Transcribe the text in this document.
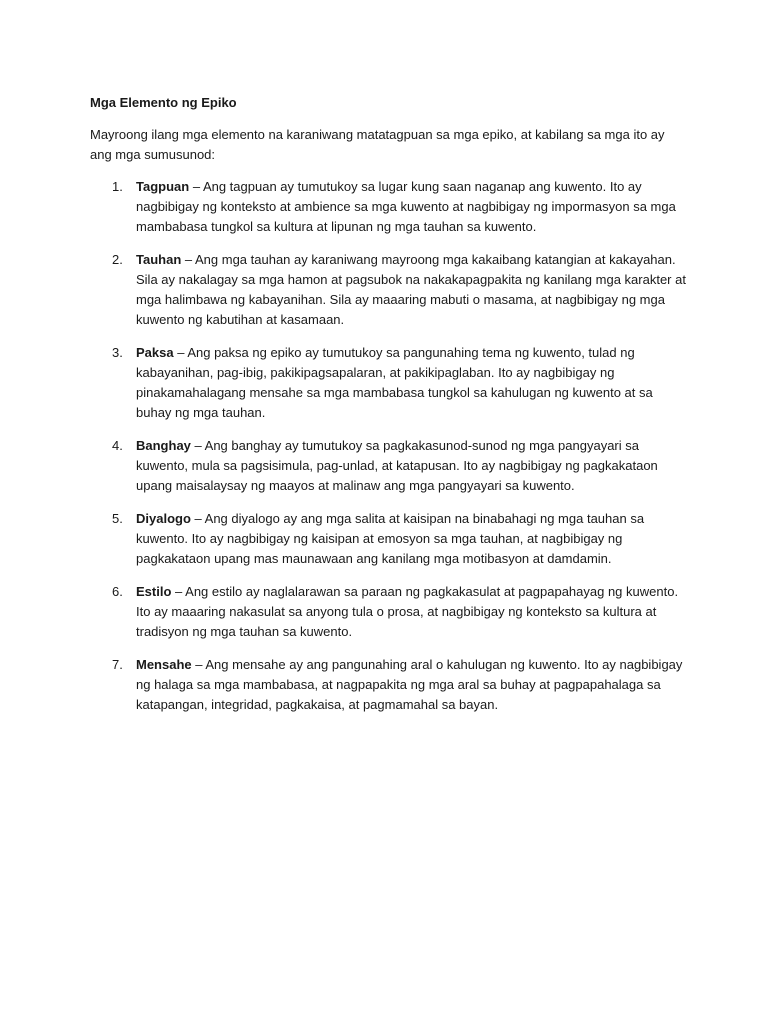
Mga Elemento ng Epiko
Mayroong ilang mga elemento na karaniwang matatagpuan sa mga epiko, at kabilang sa mga ito ay ang mga sumusunod:
1. Tagpuan – Ang tagpuan ay tumutukoy sa lugar kung saan naganap ang kuwento. Ito ay nagbibigay ng konteksto at ambience sa mga kuwento at nagbibigay ng impormasyon sa mga mambabasa tungkol sa kultura at lipunan ng mga tauhan sa kuwento.
2. Tauhan – Ang mga tauhan ay karaniwang mayroong mga kakaibang katangian at kakayahan. Sila ay nakalagay sa mga hamon at pagsubok na nakakapagpakita ng kanilang mga karakter at mga halimbawa ng kabayanihan. Sila ay maaaring mabuti o masama, at nagbibigay ng mga kuwento ng kabutihan at kasamaan.
3. Paksa – Ang paksa ng epiko ay tumutukoy sa pangunahing tema ng kuwento, tulad ng kabayanihan, pag-ibig, pakikipagsapalaran, at pakikipaglaban. Ito ay nagbibigay ng pinakamahalagang mensahe sa mga mambabasa tungkol sa kahulugan ng kuwento at sa buhay ng mga tauhan.
4. Banghay – Ang banghay ay tumutukoy sa pagkakasunod-sunod ng mga pangyayari sa kuwento, mula sa pagsisimula, pag-unlad, at katapusan. Ito ay nagbibigay ng pagkakataon upang maisalaysay ng maayos at malinaw ang mga pangyayari sa kuwento.
5. Diyalogo – Ang diyalogo ay ang mga salita at kaisipan na binabahagi ng mga tauhan sa kuwento. Ito ay nagbibigay ng kaisipan at emosyon sa mga tauhan, at nagbibigay ng pagkakataon upang mas maunawaan ang kanilang mga motibasyon at damdamin.
6. Estilo – Ang estilo ay naglalarawan sa paraan ng pagkakasulat at pagpapahayag ng kuwento. Ito ay maaaring nakasulat sa anyong tula o prosa, at nagbibigay ng konteksto sa kultura at tradisyon ng mga tauhan sa kuwento.
7. Mensahe – Ang mensahe ay ang pangunahing aral o kahulugan ng kuwento. Ito ay nagbibigay ng halaga sa mga mambabasa, at nagpapakita ng mga aral sa buhay at pagpapahalaga sa katapangan, integridad, pagkakaisa, at pagmamahal sa bayan.
